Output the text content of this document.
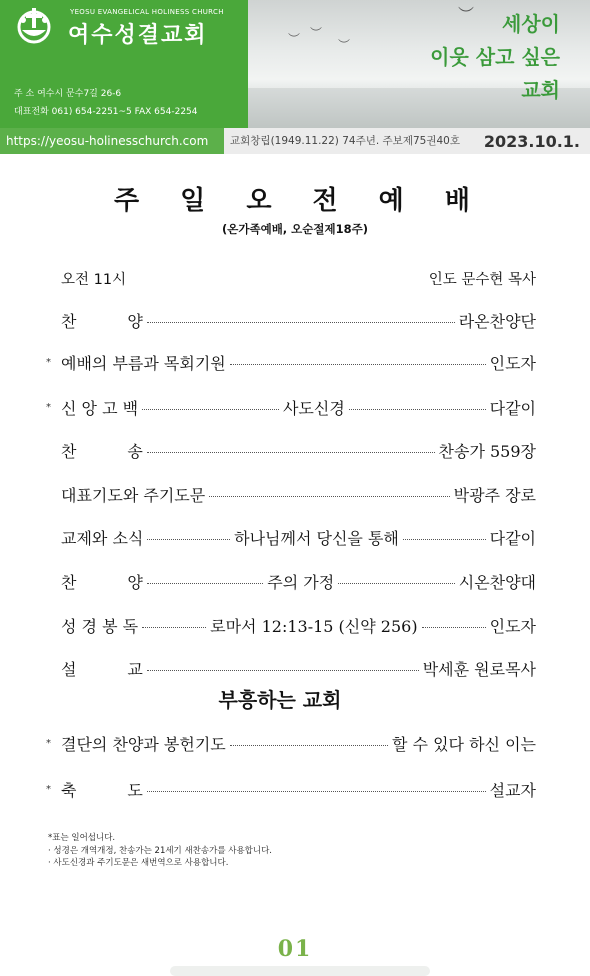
YEOSU EVANGELICAL HOLINESS CHURCH
여수성결교회
주 소 여수시 문수7길 26-6
대표전화 061) 654-2251~5 FAX 654-2254
︶ ︶
︶
︶	세상이
이웃 삼고 싶은
교회
https://yeosu-holinesschurch.com	교회창립(1949.11.22) 74주년. 주보제75권40호 2023.10.1.
주 일 오 전 예 배
(온가족예배, 오순절제18주)
오전 11시	인도 문수현 목사
찬          양	라온찬양단
* 예배의 부름과 목회기원	인도자
* 신 앙 고 백	사도신경	다같이
찬          송	찬송가 559장
대표기도와 주기도문	박광주 장로
교제와 소식	하나님께서 당신을 통해	다같이
찬          양	주의 가정	시온찬양대
성 경 봉 독	로마서 12:13-15 (신약 256)	인도자
설          교	박세훈 원로목사
부흥하는 교회
* 결단의 찬양과 봉헌기도	할 수 있다 하신 이는
* 축          도	설교자
*표는 일어섭니다.
· 성경은 개역개정, 찬송가는 21세기 새찬송가를 사용합니다.
· 사도신경과 주기도문은 새번역으로 사용합니다.
01
